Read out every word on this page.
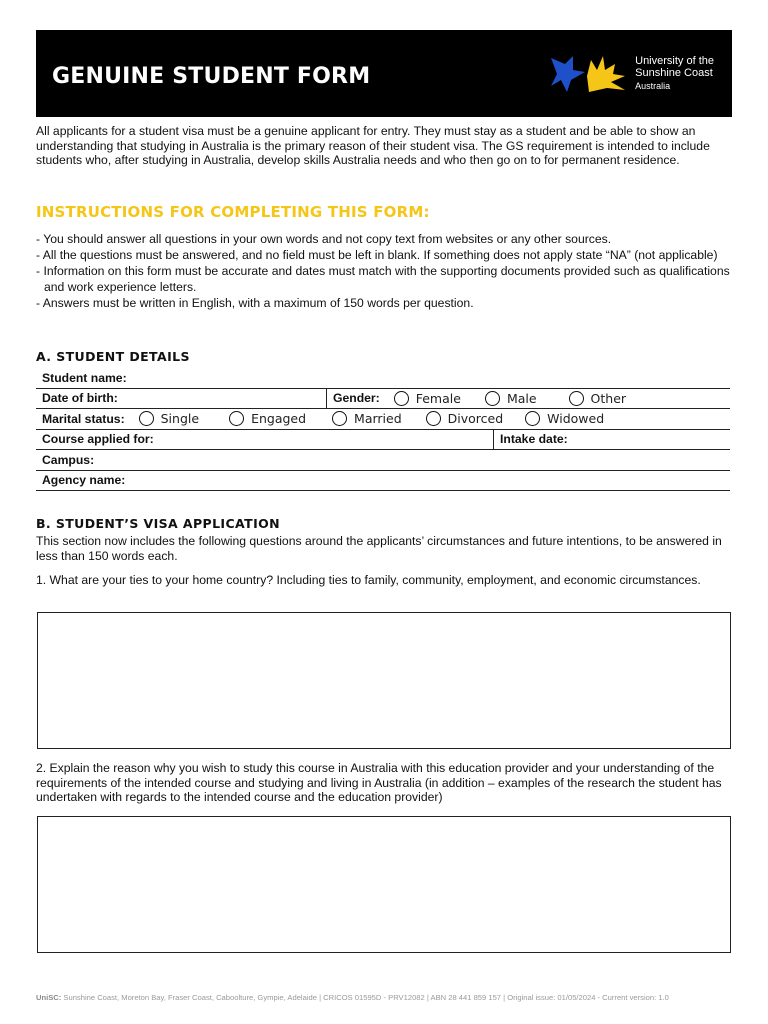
GENUINE STUDENT FORM
University of the
Sunshine Coast
Australia
All applicants for a student visa must be a genuine applicant for entry. They must stay as a student and be able to show an understanding that studying in Australia is the primary reason of their student visa. The GS requirement is intended to include students who, after studying in Australia, develop skills Australia needs and who then go on to for permanent residence.
INSTRUCTIONS FOR COMPLETING THIS FORM:
- You should answer all questions in your own words and not copy text from websites or any other sources.
- All the questions must be answered, and no field must be left in blank. If something does not apply state “NA” (not applicable)
- Information on this form must be accurate and dates must match with the supporting documents provided such as qualifications and work experience letters.
- Answers must be written in English, with a maximum of 150 words per question.
A. STUDENT DETAILS
Student name:
Date of birth:	Gender:	Female	Male	Other
Marital status:	Single	Engaged	Married	Divorced	Widowed
Course applied for:	Intake date:
Campus:
Agency name:
B. STUDENT’S VISA APPLICATION
This section now includes the following questions around the applicants’ circumstances and future intentions, to be answered in less than 150 words each.
1. What are your ties to your home country? Including ties to family, community, employment, and economic circumstances.
2. Explain the reason why you wish to study this course in Australia with this education provider and your understanding of the requirements of the intended course and studying and living in Australia (in addition – examples of the research the student has undertaken with regards to the intended course and the education provider)
UniSC: Sunshine Coast, Moreton Bay, Fraser Coast, Caboolture, Gympie, Adelaide | CRICOS 01595D - PRV12082 | ABN 28 441 859 157 | Original issue: 01/05/2024 - Current version: 1.0
